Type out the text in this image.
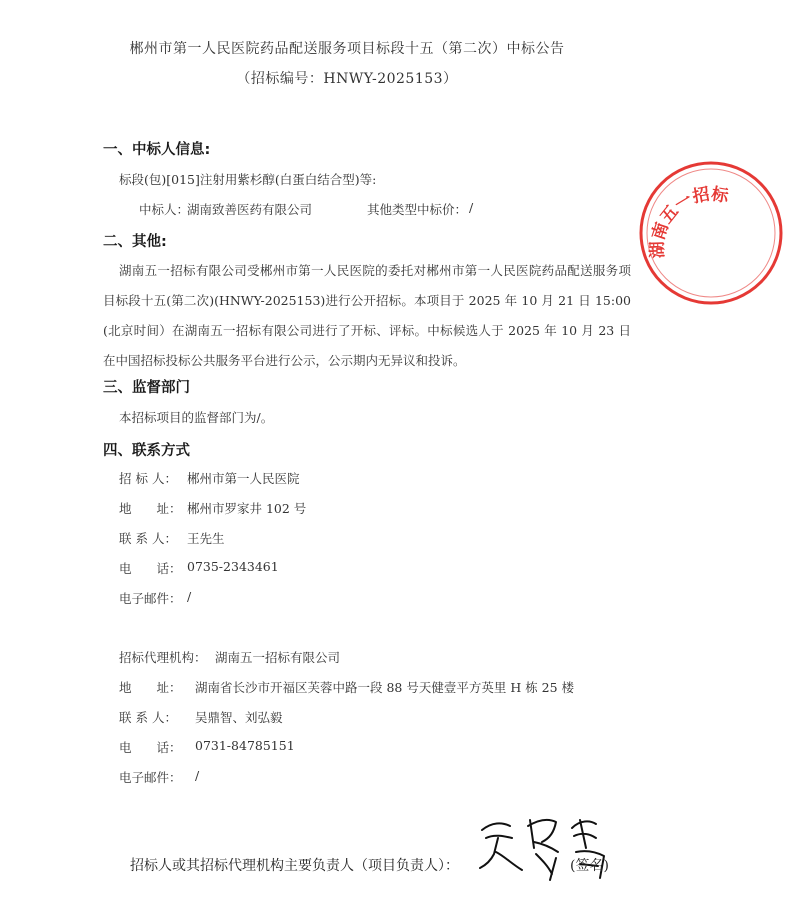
郴州市第一人民医院药品配送服务项目标段十五（第二次）中标公告
（招标编号：HNWY-2025153）
一、中标人信息:
标段(包)[015]注射用紫杉醇(白蛋白结合型)等:
中标人：
湖南致善医药有限公司	其他类型中标价： /
二、其他:
湖南五一招标有限公司受郴州市第一人民医院的委托对郴州市第一人民医院药品配送服务项目标段十五(第二次)(HNWY-2025153)进行公开招标。本项目于 2025 年 10 月 21 日 15:00 (北京时间）在湖南五一招标有限公司进行了开标、评标。中标候选人于 2025 年 10 月 23 日在中国招标投标公共服务平台进行公示，公示期内无异议和投诉。
三、监督部门
本招标项目的监督部门为/。
四、联系方式
招 标 人： 郴州市第一人民医院
地　　址： 郴州市罗家井 102 号
联 系 人： 王先生
电　　话： 0735-2343461
电子邮件： /
招标代理机构： 湖南五一招标有限公司
地　　址： 湖南省长沙市开福区芙蓉中路一段 88 号天健壹平方英里 H 栋 25 楼
联 系 人： 吴鼎智、刘弘毅
电　　话： 0731-84785151
电子邮件： /
湖南五一招标
招标人或其招标代理机构主要负责人（项目负责人）：	(签名)
